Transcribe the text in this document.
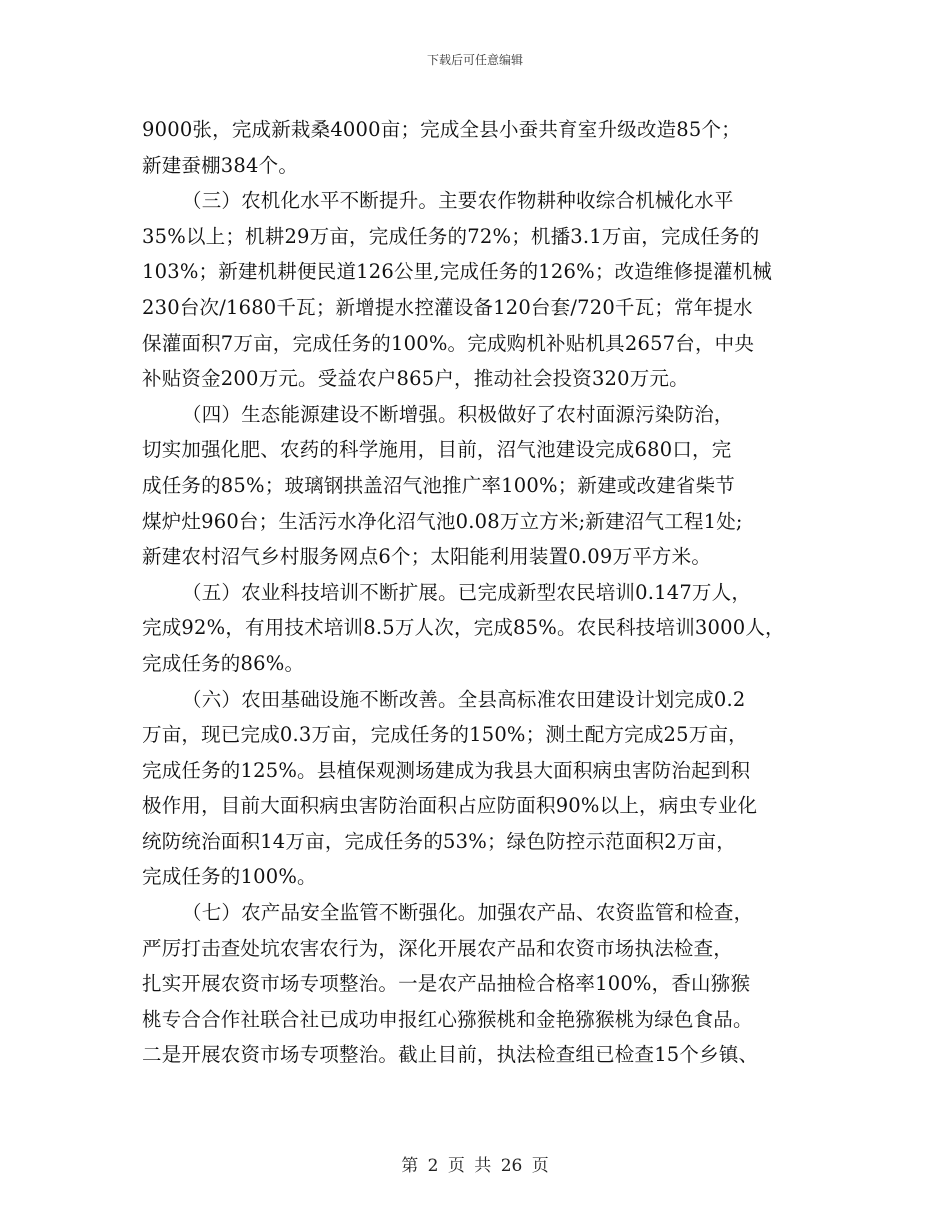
下载后可任意编辑

9000张，完成新栽桑4000亩；完成全县小蚕共育室升级改造85个；
新建蚕棚384个。

（三）农机化水平不断提升。主要农作物耕种收综合机械化水平
35%以上；机耕29万亩，完成任务的72%；机播3.1万亩，完成任务的
103%；新建机耕便民道126公里,完成任务的126%；改造维修提灌机械
230台次/1680千瓦；新增提水控灌设备120台套/720千瓦；常年提水
保灌面积7万亩，完成任务的100%。完成购机补贴机具2657台，中央
补贴资金200万元。受益农户865户，推动社会投资320万元。

（四）生态能源建设不断增强。积极做好了农村面源污染防治，
切实加强化肥、农药的科学施用，目前，沼气池建设完成680口，完
成任务的85%；玻璃钢拱盖沼气池推广率100%；新建或改建省柴节
煤炉灶960台；生活污水净化沼气池0.08万立方米;新建沼气工程1处;
新建农村沼气乡村服务网点6个；太阳能利用装置0.09万平方米。

（五）农业科技培训不断扩展。已完成新型农民培训0.147万人，
完成92%，有用技术培训8.5万人次，完成85%。农民科技培训3000人，
完成任务的86%。

（六）农田基础设施不断改善。全县高标准农田建设计划完成0.2
万亩，现已完成0.3万亩，完成任务的150%；测土配方完成25万亩，
完成任务的125%。县植保观测场建成为我县大面积病虫害防治起到积
极作用，目前大面积病虫害防治面积占应防面积90%以上，病虫专业化
统防统治面积14万亩，完成任务的53%；绿色防控示范面积2万亩，
完成任务的100%。

（七）农产品安全监管不断强化。加强农产品、农资监管和检查，
严厉打击查处坑农害农行为，深化开展农产品和农资市场执法检查，
扎实开展农资市场专项整治。一是农产品抽检合格率100%，香山猕猴
桃专合合作社联合社已成功申报红心猕猴桃和金艳猕猴桃为绿色食品。
二是开展农资市场专项整治。截止目前，执法检查组已检查15个乡镇、

第 2 页 共 26 页
